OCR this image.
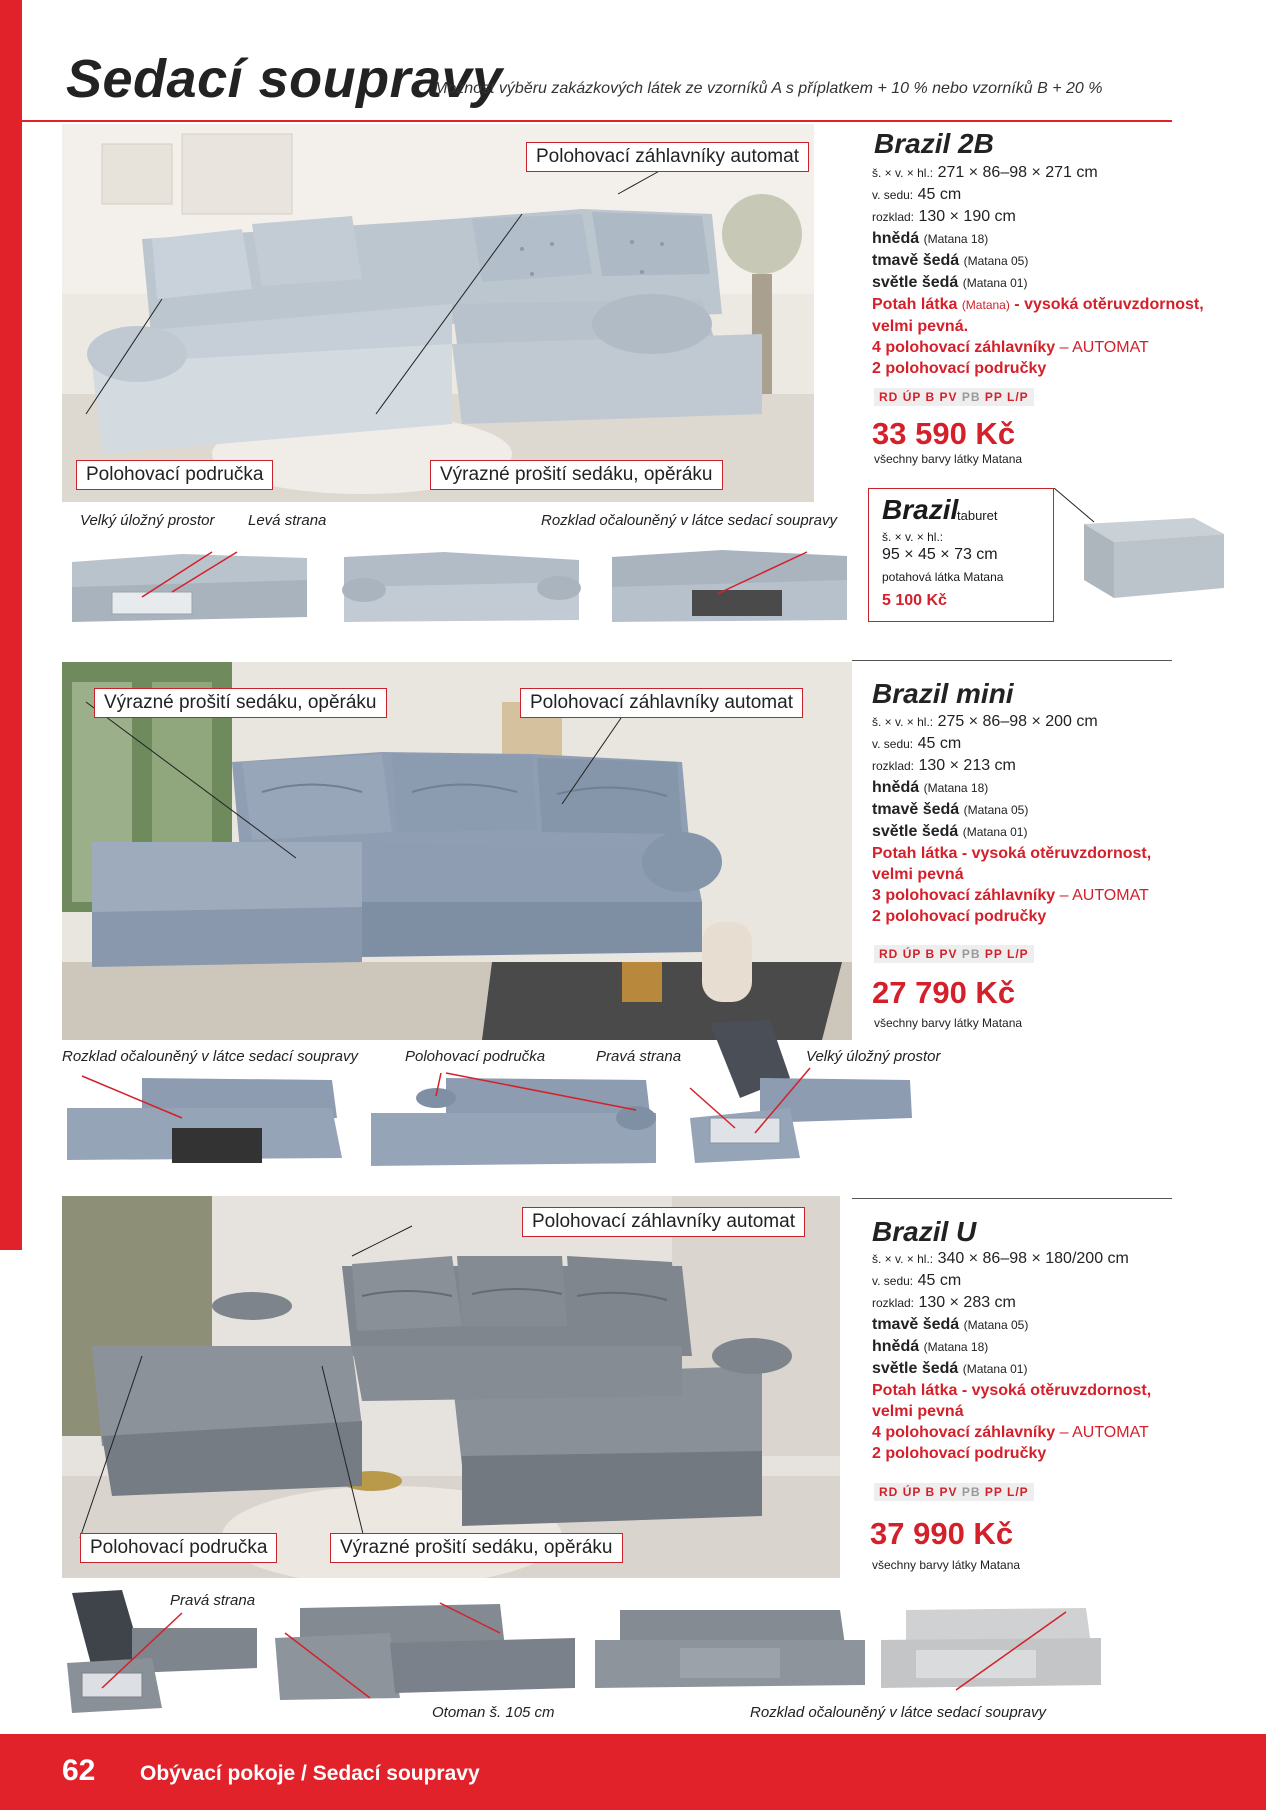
Sedací soupravy
Možnost výběru zakázkových látek ze vzorníků A s příplatkem + 10 % nebo vzorníků B + 20 %
Polohovací záhlavníky automat
Polohovací područka	Výrazné prošití sedáku, opěráku
Velký úložný prostor Levá strana	Rozklad očalouněný v látce sedací soupravy
Brazil 2B
š. × v. × hl.: 271 × 86–98 × 271 cm
v. sedu: 45 cm
rozklad: 130 × 190 cm
hnědá (Matana 18)
tmavě šedá (Matana 05)
světle šedá (Matana 01)
Potah látka (Matana) - vysoká otěruvzdornost,
velmi pevná.
4 polohovací záhlavníky – AUTOMAT
2 polohovací područky
RD ÚP B PV PB PP L/P
33 590 Kč
všechny barvy látky Matana
Brazil
taburet
š. × v. × hl.:
95 × 45 × 73 cm
potahová látka Matana
5 100 Kč
Výrazné prošití sedáku, opěráku	Polohovací záhlavníky automat
Rozklad očalouněný v látce sedací soupravy	Polohovací područka	Pravá strana	Velký úložný prostor
Brazil mini
š. × v. × hl.: 275 × 86–98 × 200 cm
v. sedu: 45 cm
rozklad: 130 × 213 cm
hnědá (Matana 18)
tmavě šedá (Matana 05)
světle šedá (Matana 01)
Potah látka - vysoká otěruvzdornost,
velmi pevná
3 polohovací záhlavníky – AUTOMAT
2 polohovací područky
RD ÚP B PV PB PP L/P
27 790 Kč
všechny barvy látky Matana
Polohovací záhlavníky automat
Polohovací područka	Výrazné prošití sedáku, opěráku
Pravá strana
Otoman š. 105 cm	Rozklad očalouněný v látce sedací soupravy
Brazil U
š. × v. × hl.: 340 × 86–98 × 180/200 cm
v. sedu: 45 cm
rozklad: 130 × 283 cm
tmavě šedá (Matana 05)
hnědá (Matana 18)
světle šedá (Matana 01)
Potah látka - vysoká otěruvzdornost,
velmi pevná
4 polohovací záhlavníky – AUTOMAT
2 polohovací područky
RD ÚP B PV PB PP L/P
37 990 Kč
všechny barvy látky Matana
62 Obývací pokoje / Sedací soupravy
